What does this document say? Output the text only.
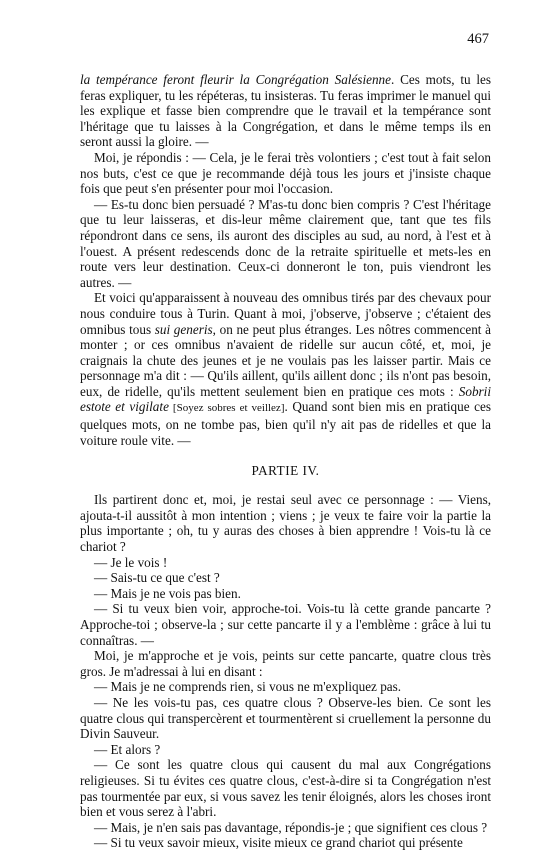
467

la tempérance feront fleurir la Congrégation Salésienne. Ces mots, tu les feras expliquer, tu les répéteras, tu insisteras. Tu feras imprimer le manuel qui les explique et fasse bien comprendre que le travail et la tempérance sont l'héritage que tu laisses à la Congrégation, et dans le même temps ils en seront aussi la gloire. —

Moi, je répondis : — Cela, je le ferai très volontiers ; c'est tout à fait selon nos buts, c'est ce que je recommande déjà tous les jours et j'insiste chaque fois que peut s'en présenter pour moi l'occasion.

— Es-tu donc bien persuadé ? M'as-tu donc bien compris ? C'est l'héritage que tu leur laisseras, et dis-leur même clairement que, tant que tes fils répondront dans ce sens, ils auront des disciples au sud, au nord, à l'est et à l'ouest. A présent redescends donc de la retraite spirituelle et mets-les en route vers leur destination. Ceux-ci donneront le ton, puis viendront les autres. —

Et voici qu'apparaissent à nouveau des omnibus tirés par des chevaux pour nous conduire tous à Turin. Quant à moi, j'observe, j'observe ; c'étaient des omnibus tous sui generis, on ne peut plus étranges. Les nôtres commencent à monter ; or ces omnibus n'avaient de ridelle sur aucun côté, et, moi, je craignais la chute des jeunes et je ne voulais pas les laisser partir. Mais ce personnage m'a dit : — Qu'ils aillent, qu'ils aillent donc ; ils n'ont pas besoin, eux, de ridelle, qu'ils mettent seulement bien en pratique ces mots : Sobrii estote et vigilate [Soyez sobres et veillez]. Quand sont bien mis en pratique ces quelques mots, on ne tombe pas, bien qu'il n'y ait pas de ridelles et que la voiture roule vite. —

PARTIE IV.

Ils partirent donc et, moi, je restai seul avec ce personnage : — Viens, ajouta-t-il aussitôt à mon intention ; viens ; je veux te faire voir la partie la plus importante ; oh, tu y auras des choses à bien apprendre ! Vois-tu là ce chariot ?

— Je le vois !

— Sais-tu ce que c'est ?

— Mais je ne vois pas bien.

— Si tu veux bien voir, approche-toi. Vois-tu là cette grande pancarte ? Approche-toi ; observe-la ; sur cette pancarte il y a l'emblème : grâce à lui tu connaîtras. —

Moi, je m'approche et je vois, peints sur cette pancarte, quatre clous très gros. Je m'adressai à lui en disant :

— Mais je ne comprends rien, si vous ne m'expliquez pas.

— Ne les vois-tu pas, ces quatre clous ? Observe-les bien. Ce sont les quatre clous qui transpercèrent et tourmentèrent si cruellement la personne du Divin Sauveur.

— Et alors ?

— Ce sont les quatre clous qui causent du mal aux Congrégations religieuses. Si tu évites ces quatre clous, c'est-à-dire si ta Congrégation n'est pas tourmentée par eux, si vous savez les tenir éloignés, alors les choses iront bien et vous serez à l'abri.

— Mais, je n'en sais pas davantage, répondis-je ; que signifient ces clous ?

— Si tu veux savoir mieux, visite mieux ce grand chariot qui présente
